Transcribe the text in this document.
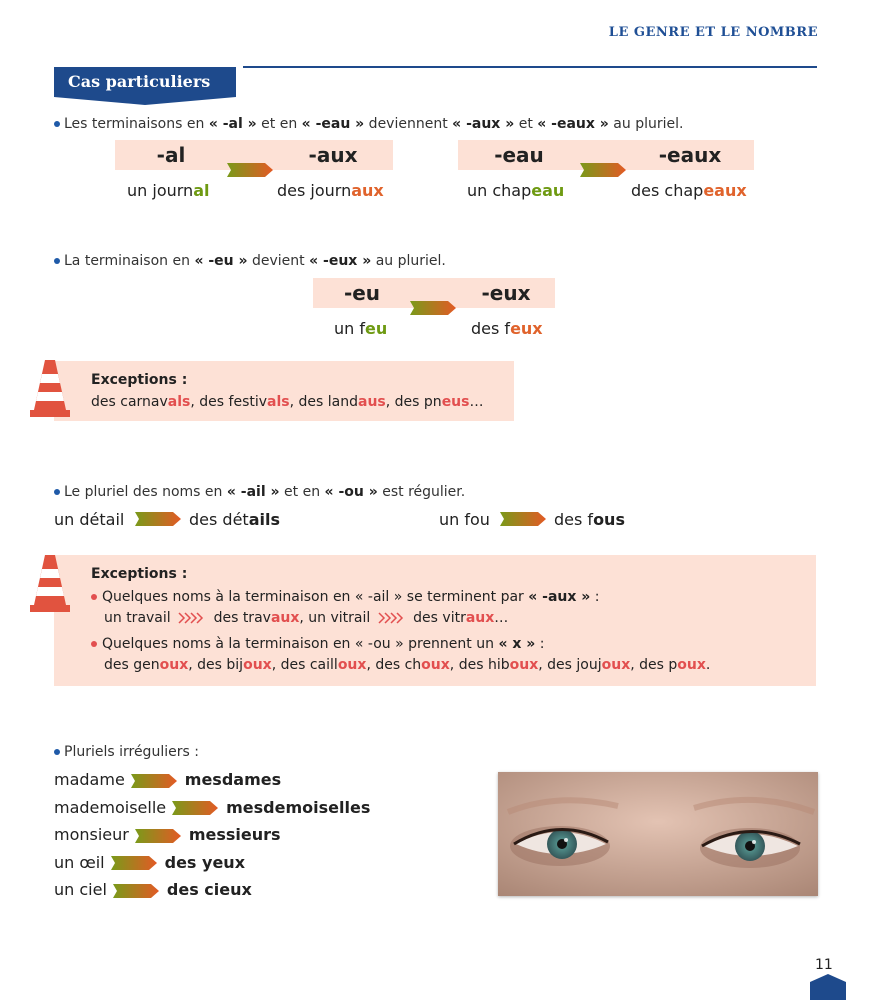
LE GENRE ET LE NOMBRE
Cas particuliers
Les terminaisons en « -al » et en « -eau » deviennent « -aux » et « -eaux » au pluriel.
-al	-aux	-eau	-eaux
un journal	des journaux	un chapeau	des chapeaux
La terminaison en « -eu » devient « -eux » au pluriel.
-eu	-eux
un feu	des feux
Exceptions :
des carnavals, des festivals, des landaus, des pneus…
Le pluriel des noms en « -ail » et en « -ou » est régulier.
un détail	des détails	un fou	des fous
Exceptions :
Quelques noms à la terminaison en « -ail » se terminent par « -aux » :
un travail	des travaux, un vitrail	des vitraux…
Quelques noms à la terminaison en « -ou » prennent un « x » :
des genoux, des bijoux, des cailloux, des choux, des hiboux, des joujoux, des poux.
Pluriels irréguliers :
madame	mesdames
mademoiselle	mesdemoiselles
monsieur	messieurs
un œil	des yeux
un ciel	des cieux
11
